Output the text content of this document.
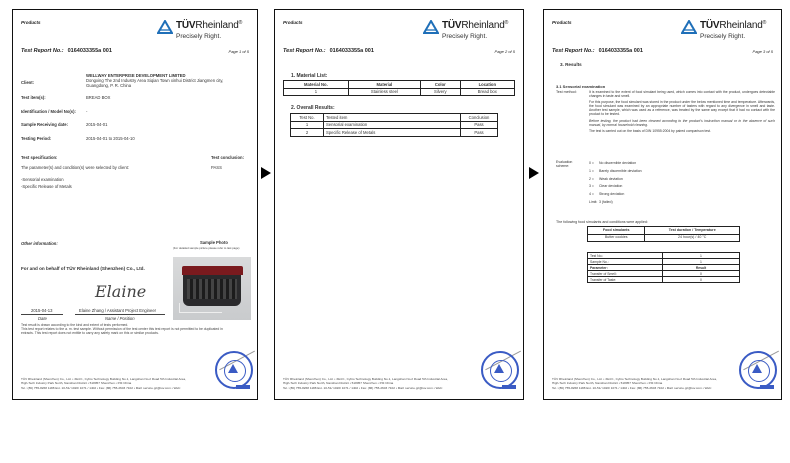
Products	TÜVRheinland®
Precisely Right.
Test Report No.: 0164033355a 001	Page 1 of 5
Client:
WELLWAY ENTERPRISE DEVELOPMENT LIMITED
Dongxing The 2nd Industry Area Siqian Town xinhui District Jiangmen city,
Guangdong, P. R. China
Test item(s):	BREAD BOX
Identification / Model No(s): -
Sample Receiving date:	2015-04-01
Testing Period:	2015-04-01 to 2015-04-10
Test specification:	Test conclusion:
The parameter(s) and condition(s) were selected by client:	PASS
-Sensorial examination
-Specific Release of Metals
Other information:	Sample Photo
(For detailed sample picture please refer to last page)
For and on behalf of TÜV Rheinland (Shenzhen) Co., Ltd.
Elaine
2015-04-13
Date
Elaine Zhang / Assistant Project Engineer
Name / Position
Test result is drawn according to the kind and extent of tests performed.
This test report relates to the a. m. test sample. Without permission of the test center this test report is not permitted to be duplicated in
extracts. This test report does not entitle to carry any safety mark on this or similar products.
TÜV Rheinland (Shenzhen) Co., Ltd. • 3&4 F., Cybio Technology Building No.1, Langshan No.2 Road 5th Industrial Area,
High-Tech Industry Park North, Nanshan District • 518057 Shenzhen • P.R.China
Tel.: (86) 755-8268 1188 Ext. 10-51/ 1020/ 1071 / 1402 • Fax: (86) 755-2603 7102 • Mail: service.gz@tuv.com • Web:
Products	TÜVRheinland®
Precisely Right.
Test Report No.: 0164033355a 001	Page 2 of 5
1. Material List:
Material No.	Material	Color	Location
1	Stainless steel	Silvery	Bread box
2. Overall Results:
Test No.	Tested item	Conclusion
1	Sensorial examination	Pass
2	Specific Release of Metals	Pass
TÜV Rheinland (Shenzhen) Co., Ltd. • 3&4 F., Cybio Technology Building No.1, Langshan No.2 Road 5th Industrial Area,
High-Tech Industry Park North, Nanshan District • 518057 Shenzhen • P.R.China
Tel.: (86) 755-8268 1188 Ext. 10-51/ 1020/ 1071 / 1402 • Fax: (86) 755-2603 7102 • Mail: service.gz@tuv.com • Web:
Products	TÜVRheinland®
Precisely Right.
Test Report No.: 0164033355a 001	Page 3 of 5
3. Results
3.1 Sensorial examination
Test method:	It is examined to the extent of food simulant being used, which comes into contact with the product, undergoes detectable changes in taste and smell.
For this purpose, the food simulant was stored in the product under the below mentioned time and temperature. Afterwards, the food simulant was examined by an appropriate number of tasters with regard to any divergence in smell and taste. Another test sample, which was used as a reference, was treated by the same way except that it had no contact with the product to be tested.
Before testing, the product had been cleaned according to the product's instruction manual or in the absence of such manual, by normal household cleaning.
The test is carried out on the basis of DIN 10955:2004 by paired comparison test.
Evaluation scheme:
0 = No discernible deviation
1 = Barely discernible deviation
2 = Weak deviation
3 = Clear deviation
4 = Strong deviation
Limit: 3 (failed)
The following food simulants and conditions were applied:
Food simulants	Test duration / Temperature
Butter cookies	24 hour(s) / 40 °C
Test No.:	1
Sample No.:	1
Parameter:	Result
Transfer of Smell:	0
Transfer of Taste:	0
TÜV Rheinland (Shenzhen) Co., Ltd. • 3&4 F., Cybio Technology Building No.1, Langshan No.2 Road 5th Industrial Area,
High-Tech Industry Park North, Nanshan District • 518057 Shenzhen • P.R.China
Tel.: (86) 755-8268 1188 Ext. 10-51/ 1020/ 1071 / 1402 • Fax: (86) 755-2603 7102 • Mail: service.gz@tuv.com • Web:
